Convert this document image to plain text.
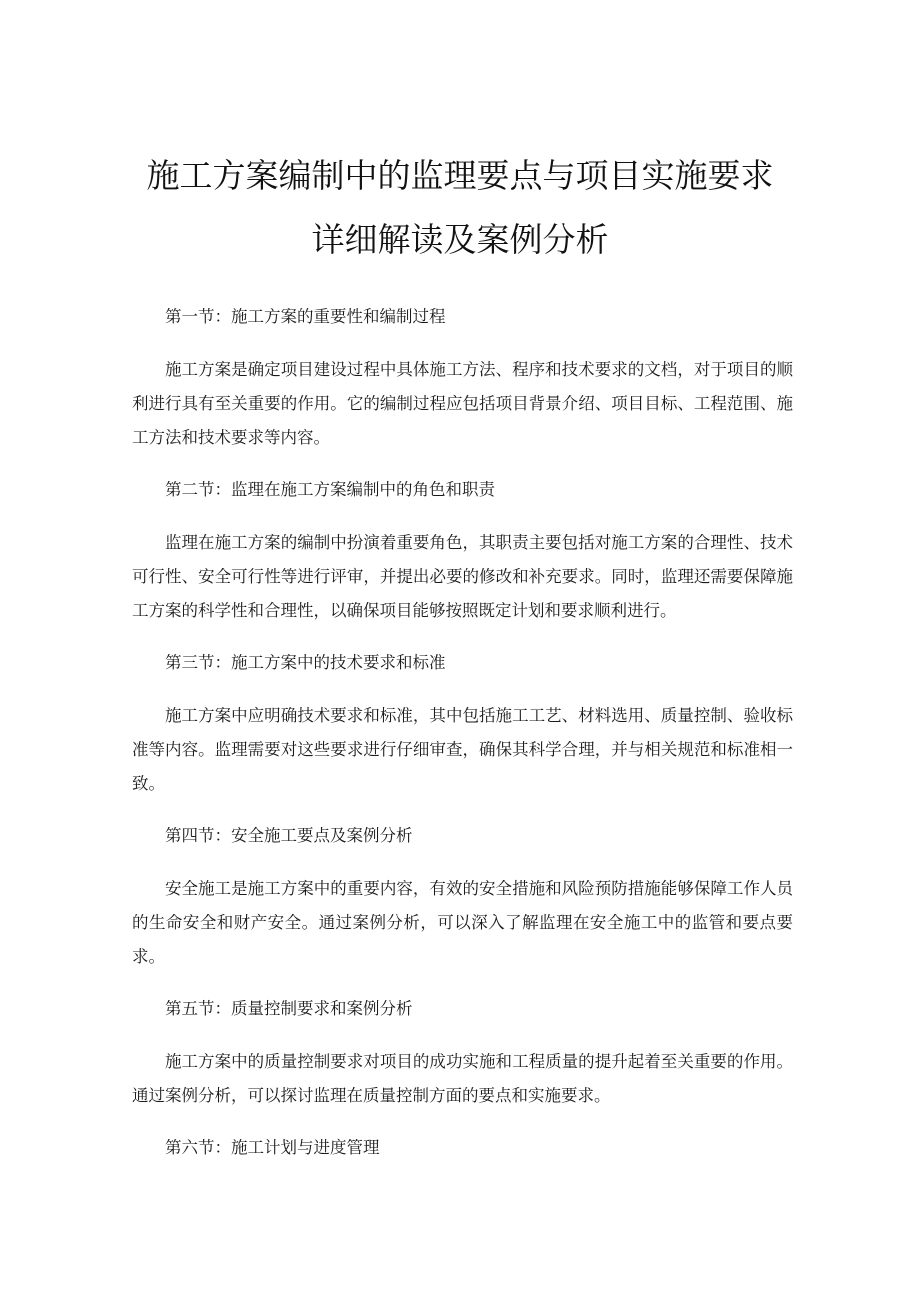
施工方案编制中的监理要点与项目实施要求
详细解读及案例分析
第一节：施工方案的重要性和编制过程
施工方案是确定项目建设过程中具体施工方法、程序和技术要求的文档，对于项目的顺利进行具有至关重要的作用。它的编制过程应包括项目背景介绍、项目目标、工程范围、施工方法和技术要求等内容。
第二节：监理在施工方案编制中的角色和职责
监理在施工方案的编制中扮演着重要角色，其职责主要包括对施工方案的合理性、技术可行性、安全可行性等进行评审，并提出必要的修改和补充要求。同时，监理还需要保障施工方案的科学性和合理性，以确保项目能够按照既定计划和要求顺利进行。
第三节：施工方案中的技术要求和标准
施工方案中应明确技术要求和标准，其中包括施工工艺、材料选用、质量控制、验收标准等内容。监理需要对这些要求进行仔细审查，确保其科学合理，并与相关规范和标准相一致。
第四节：安全施工要点及案例分析
安全施工是施工方案中的重要内容，有效的安全措施和风险预防措施能够保障工作人员的生命安全和财产安全。通过案例分析，可以深入了解监理在安全施工中的监管和要点要求。
第五节：质量控制要求和案例分析
施工方案中的质量控制要求对项目的成功实施和工程质量的提升起着至关重要的作用。通过案例分析，可以探讨监理在质量控制方面的要点和实施要求。
第六节：施工计划与进度管理
